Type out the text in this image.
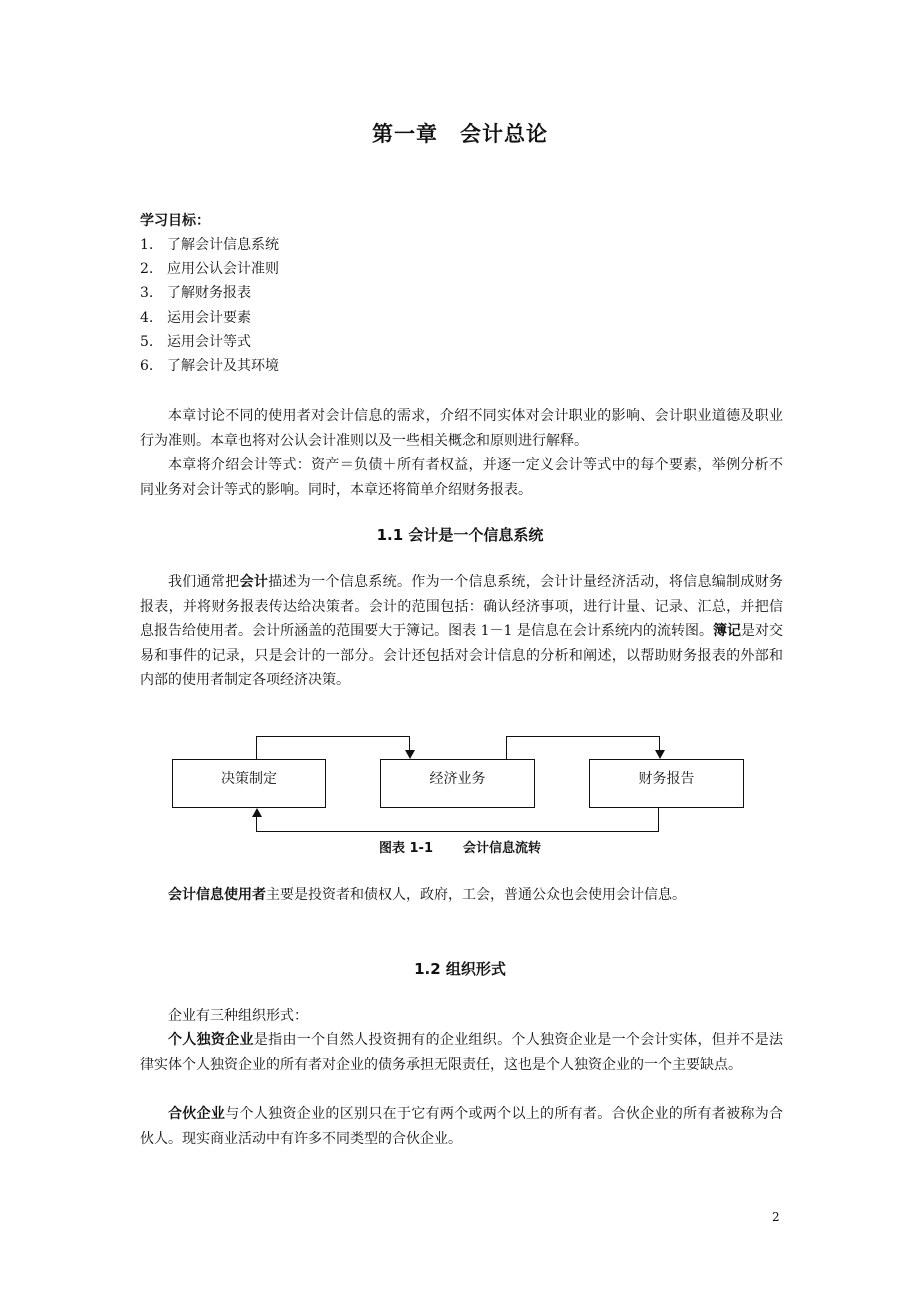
第一章　会计总论
学习目标：
1. 了解会计信息系统
2. 应用公认会计准则
3. 了解财务报表
4. 运用会计要素
5. 运用会计等式
6. 了解会计及其环境

本章讨论不同的使用者对会计信息的需求，介绍不同实体对会计职业的影响、会计职业道德及职业行为准则。本章也将对公认会计准则以及一些相关概念和原则进行解释。

本章将介绍会计等式：资产＝负债＋所有者权益，并逐一定义会计等式中的每个要素，举例分析不同业务对会计等式的影响。同时，本章还将简单介绍财务报表。

1.1 会计是一个信息系统

我们通常把会计描述为一个信息系统。作为一个信息系统，会计计量经济活动，将信息编制成财务报表，并将财务报表传达给决策者。会计的范围包括：确认经济事项，进行计量、记录、汇总，并把信息报告给使用者。会计所涵盖的范围要大于簿记。图表 1－1 是信息在会计系统内的流转图。簿记是对交易和事件的记录，只是会计的一部分。会计还包括对会计信息的分析和阐述，以帮助财务报表的外部和内部的使用者制定各项经济决策。

决策制定	经济业务	财务报告
图表 1-1 会计信息流转

会计信息使用者主要是投资者和债权人，政府，工会，普通公众也会使用会计信息。

1.2 组织形式

企业有三种组织形式：

个人独资企业是指由一个自然人投资拥有的企业组织。个人独资企业是一个会计实体，但并不是法律实体个人独资企业的所有者对企业的债务承担无限责任，这也是个人独资企业的一个主要缺点。

合伙企业与个人独资企业的区别只在于它有两个或两个以上的所有者。合伙企业的所有者被称为合伙人。现实商业活动中有许多不同类型的合伙企业。

2
